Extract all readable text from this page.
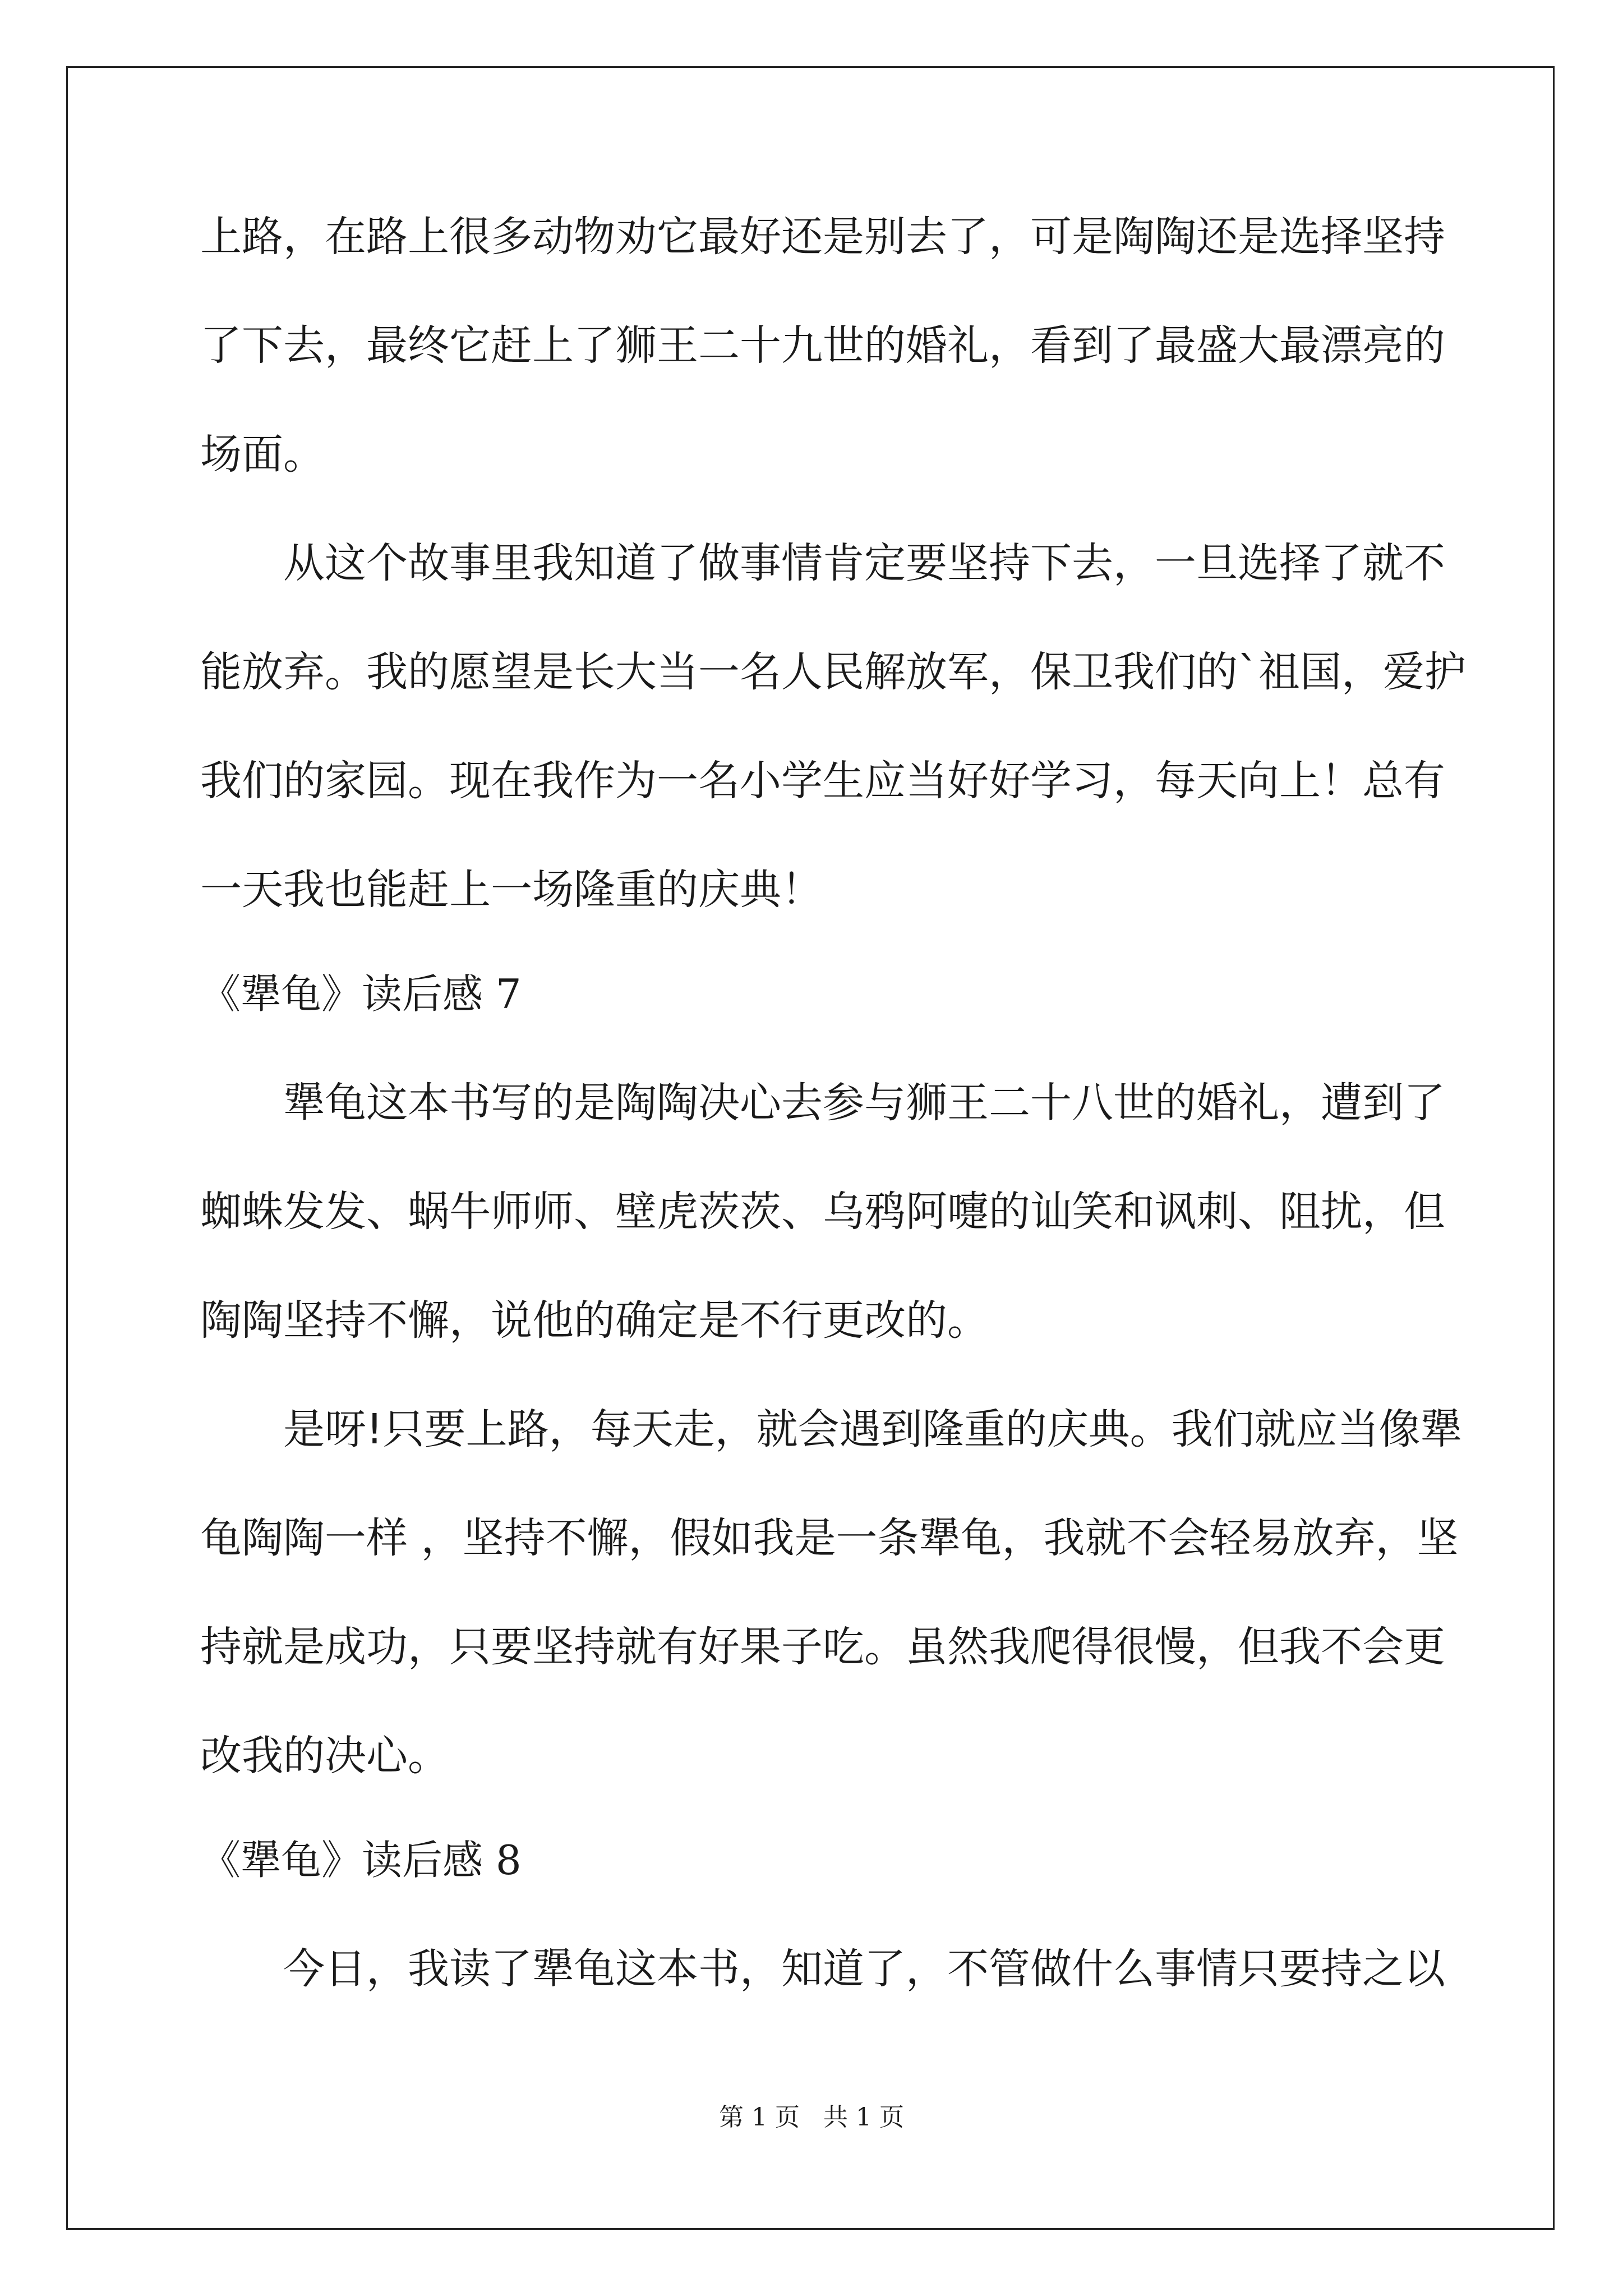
上路，在路上很多动物劝它最好还是别去了，可是陶陶还是选择坚持
了下去，最终它赶上了狮王二十九世的婚礼，看到了最盛大最漂亮的
场面。
从这个故事里我知道了做事情肯定要坚持下去，一旦选择了就不
能放弃。我的愿望是长大当一名人民解放军，保卫我们的`祖国，爱护
我们的家园。现在我作为一名小学生应当好好学习，每天向上！总有
一天我也能赶上一场隆重的庆典！
《犟龟》读后感 7
犟龟这本书写的是陶陶决心去参与狮王二十八世的婚礼，遭到了
蜘蛛发发、蜗牛师师、壁虎茨茨、乌鸦阿嚏的讪笑和讽刺、阻扰，但
陶陶坚持不懈，说他的确定是不行更改的。
是呀!只要上路，每天走，就会遇到隆重的庆典。我们就应当像犟
龟陶陶一样 ，坚持不懈，假如我是一条犟龟，我就不会轻易放弃，坚
持就是成功，只要坚持就有好果子吃。虽然我爬得很慢，但我不会更
改我的决心。
《犟龟》读后感 8
今日，我读了犟龟这本书，知道了，不管做什么事情只要持之以
第 1 页 共 1 页
